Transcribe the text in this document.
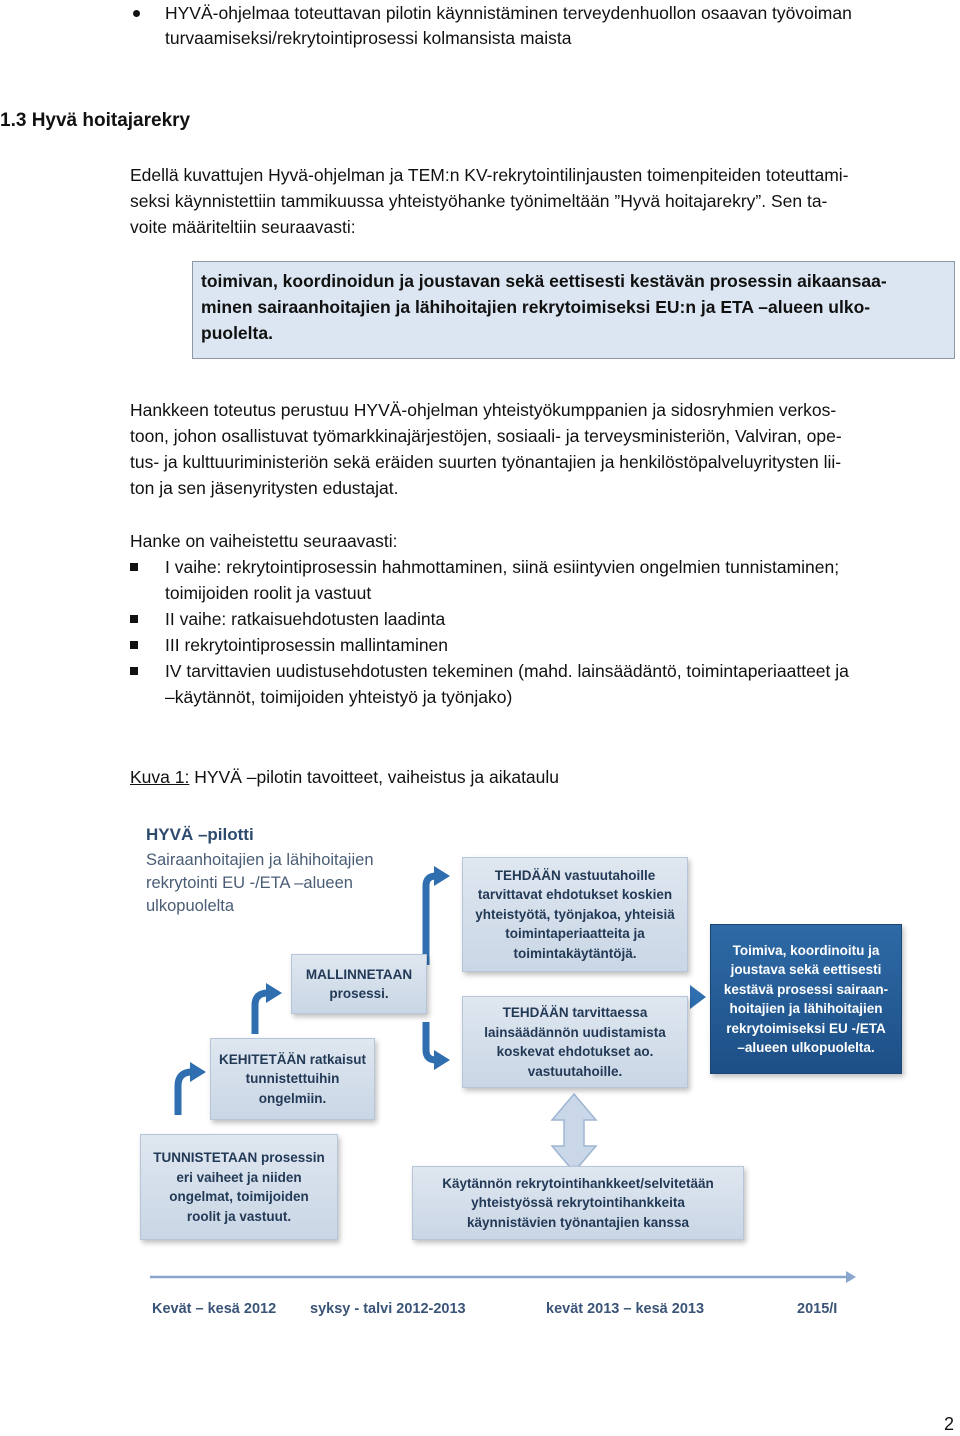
HYVÄ-ohjelmaa toteuttavan pilotin käynnistäminen terveydenhuollon osaavan työvoiman
turvaamiseksi/rekrytointiprosessi kolmansista maista
1.3 Hyvä hoitajarekry
Edellä kuvattujen Hyvä-ohjelman ja TEM:n KV-rekrytointilinjausten toimenpiteiden toteuttami-
seksi käynnistettiin tammikuussa yhteistyöhanke työnimeltään ”Hyvä hoitajarekry”. Sen ta-
voite määriteltiin seuraavasti:
toimivan, koordinoidun ja joustavan sekä eettisesti kestävän prosessin aikaansaa-
minen sairaanhoitajien ja lähihoitajien rekrytoimiseksi EU:n ja ETA –alueen ulko-
puolelta.
Hankkeen toteutus perustuu HYVÄ-ohjelman yhteistyökumppanien ja sidosryhmien verkos-
toon, johon osallistuvat työmarkkinajärjestöjen, sosiaali- ja terveysministeriön, Valviran, ope-
tus- ja kulttuuriministeriön sekä eräiden suurten työnantajien ja henkilöstöpalveluyritysten lii-
ton ja sen jäsenyritysten edustajat.
Hanke on vaiheistettu seuraavasti:
I vaihe: rekrytointiprosessin hahmottaminen, siinä esiintyvien ongelmien tunnistaminen;
toimijoiden roolit ja vastuut
II vaihe: ratkaisuehdotusten laadinta
III rekrytointiprosessin mallintaminen
IV tarvittavien uudistusehdotusten tekeminen (mahd. lainsäädäntö, toimintaperiaatteet ja
–käytännöt, toimijoiden yhteistyö ja työnjako)
Kuva 1: HYVÄ –pilotin tavoitteet, vaiheistus ja aikataulu
HYVÄ –pilotti
Sairaanhoitajien ja lähihoitajien
rekrytointi EU -/ETA –alueen
ulkopuolelta
TUNNISTETAAN prosessin
eri vaiheet ja niiden
ongelmat, toimijoiden
roolit ja vastuut.
KEHITETÄÄN ratkaisut
tunnistettuihin
ongelmiin.
MALLINNETAAN
prosessi.
TEHDÄÄN vastuutahoille
tarvittavat ehdotukset koskien
yhteistyötä, työnjakoa, yhteisiä
toimintaperiaatteita ja
toimintakäytäntöjä.
TEHDÄÄN tarvittaessa
lainsäädännön uudistamista
koskevat ehdotukset ao.
vastuutahoille.
Käytännön rekrytointihankkeet/selvitetään
yhteistyössä rekrytointihankkeita
käynnistävien työnantajien kanssa
Toimiva, koordinoitu ja
joustava sekä eettisesti
kestävä prosessi sairaan-
hoitajien ja lähihoitajien
rekrytoimiseksi EU -/ETA
–alueen ulkopuolelta.
Kevät – kesä 2012 syksy - talvi 2012-2013	kevät 2013 – kesä 2013	2015/I
2
